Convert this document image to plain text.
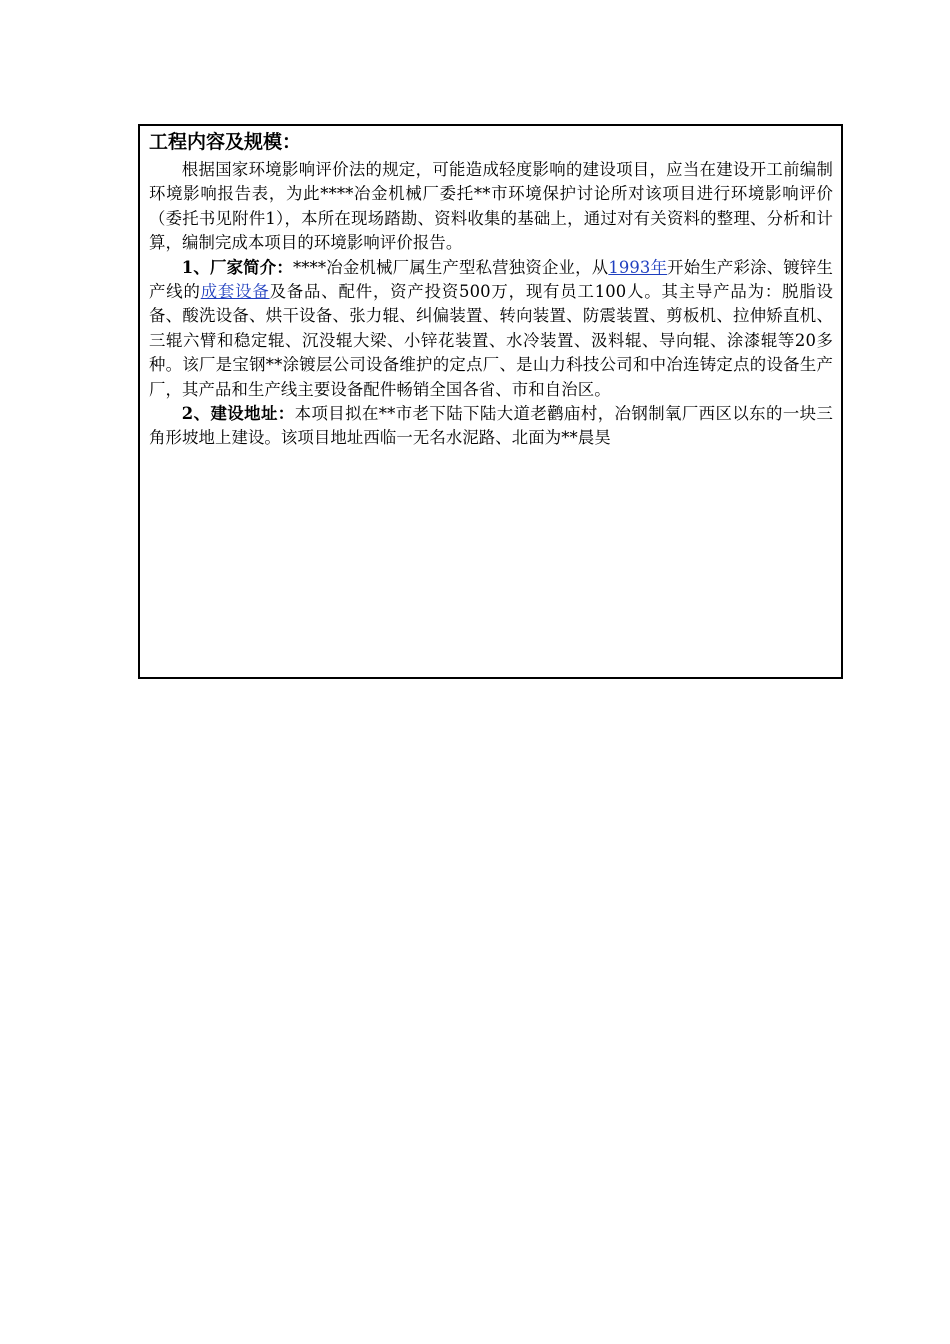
工程内容及规模：

根据国家环境影响评价法的规定，可能造成轻度影响的建设项目，应当在建设开工前编制环境影响报告表，为此****冶金机械厂委托**市环境保护讨论所对该项目进行环境影响评价（委托书见附件1），本所在现场踏勘、资料收集的基础上，通过对有关资料的整理、分析和计算，编制完成本项目的环境影响评价报告。

1、厂家简介：****冶金机械厂属生产型私营独资企业，从1993年开始生产彩涂、镀锌生产线的成套设备及备品、配件，资产投资500万，现有员工100人。其主导产品为：脱脂设备、酸洗设备、烘干设备、张力辊、纠偏装置、转向装置、防震装置、剪板机、拉伸矫直机、三辊六臂和稳定辊、沉没辊大梁、小锌花装置、水冷装置、汲料辊、导向辊、涂漆辊等20多种。该厂是宝钢**涂镀层公司设备维护的定点厂、是山力科技公司和中冶连铸定点的设备生产厂，其产品和生产线主要设备配件畅销全国各省、市和自治区。

2、建设地址：本项目拟在**市老下陆下陆大道老鹳庙村，冶钢制氧厂西区以东的一块三角形坡地上建设。该项目地址西临一无名水泥路、北面为**晨昊
